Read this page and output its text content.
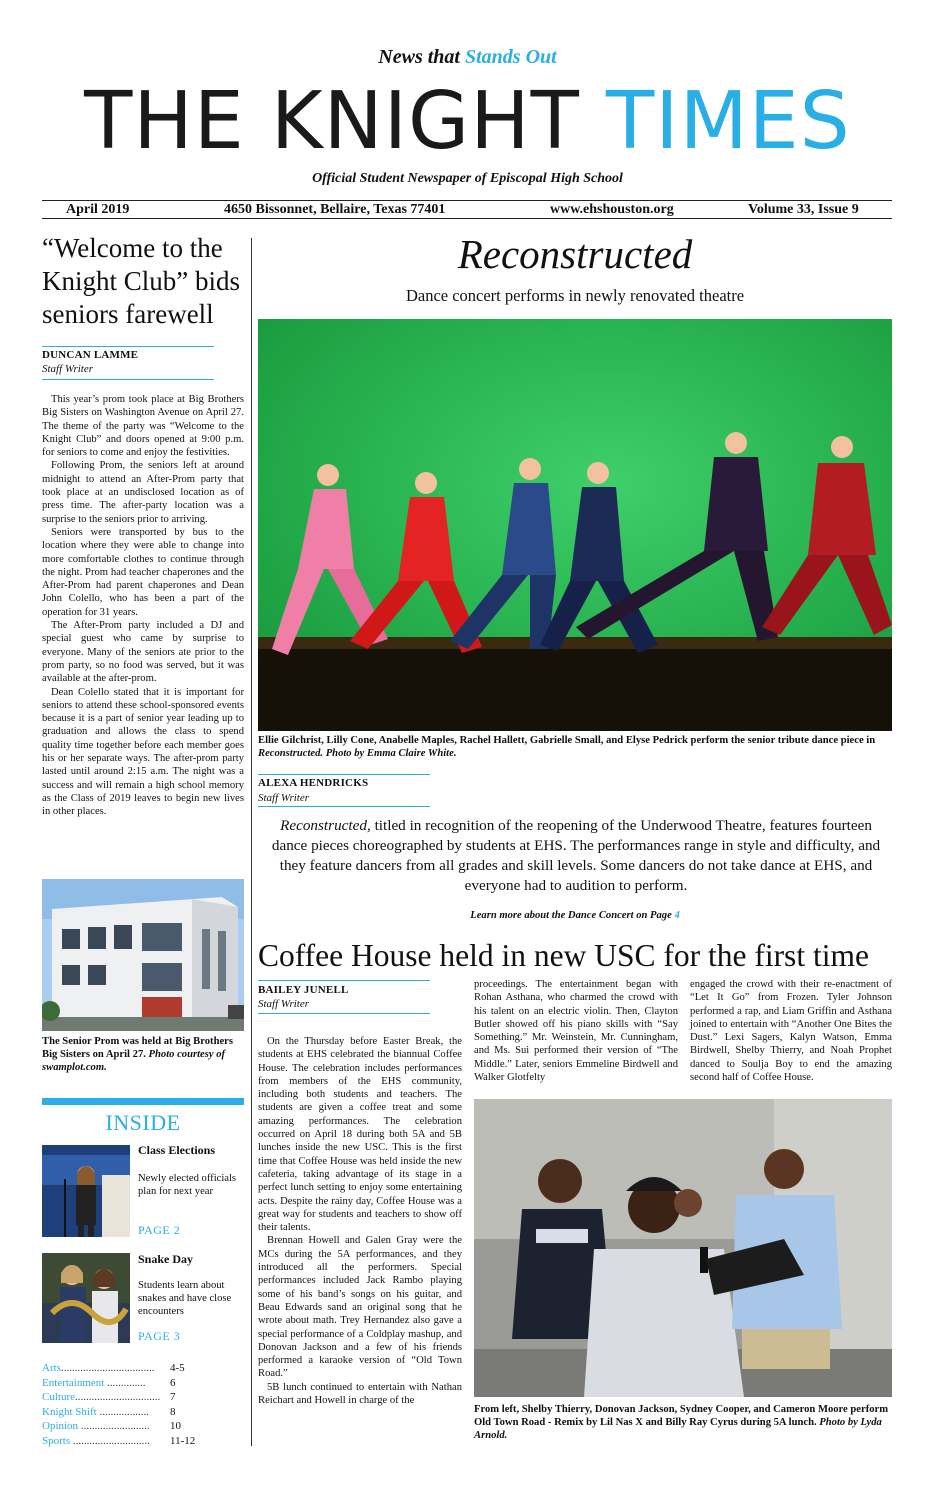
News that Stands Out
THE KNIGHT TIMES
Official Student Newspaper of Episcopal High School
April 2019	4650 Bissonnet, Bellaire, Texas 77401	www.ehshouston.org	Volume 33, Issue 9
“Welcome to the Knight Club” bids seniors farewell
DUNCAN LAMME
Staff Writer

This year’s prom took place at Big Brothers Big Sisters on Washington Avenue on April 27. The theme of the party was “Welcome to the Knight Club” and doors opened at 9:00 p.m. for seniors to come and enjoy the festivities.

Following Prom, the seniors left at around midnight to attend an After-Prom party that took place at an undisclosed location as of press time. The after-party location was a surprise to the seniors prior to arriving.

Seniors were transported by bus to the location where they were able to change into more comfortable clothes to continue through the night. Prom had teacher chaperones and the After-Prom had parent chaperones and Dean John Colello, who has been a part of the operation for 31 years.

The After-Prom party included a DJ and special guest who came by surprise to everyone. Many of the seniors ate prior to the prom party, so no food was served, but it was available at the after-prom.

Dean Colello stated that it is important for seniors to attend these school-sponsored events because it is a part of senior year leading up to graduation and allows the class to spend quality time together before each member goes his or her separate ways. The after-prom party lasted until around 2:15 a.m. The night was a success and will remain a high school memory as the Class of 2019 leaves to begin new lives in other places.

The Senior Prom was held at Big Brothers Big Sisters on April 27. Photo courtesy of swamplot.com.
INSIDE
Class Elections
Newly elected officials plan for next year
PAGE 2
Snake Day
Students learn about snakes and have close encounters
PAGE 3
Arts.................................. 4-5
Entertainment .............. 6
Culture............................... 7
Knight Shift .................. 8
Opinion ......................... 10
Sports ............................ 11-12
Reconstructed
Dance concert performs in newly renovated theatre
Ellie Gilchrist, Lilly Cone, Anabelle Maples, Rachel Hallett, Gabrielle Small, and Elyse Pedrick perform the senior tribute dance piece in Reconstructed. Photo by Emma Claire White.
ALEXA HENDRICKS
Staff Writer
Reconstructed, titled in recognition of the reopening of the Underwood Theatre, features fourteen dance pieces choreographed by students at EHS. The performances range in style and difficulty, and they feature dancers from all grades and skill levels. Some dancers do not take dance at EHS, and everyone had to audition to perform.
Learn more about the Dance Concert on Page 4
Coffee House held in new USC for the first time
BAILEY JUNELL
Staff Writer

On the Thursday before Easter Break, the students at EHS celebrated the biannual Coffee House. The celebration includes performances from members of the EHS community, including both students and teachers. The students are given a coffee treat and some amazing performances. The celebration occurred on April 18 during both 5A and 5B lunches inside the new USC. This is the first time that Coffee House was held inside the new cafeteria, taking advantage of its stage in a perfect lunch setting to enjoy some entertaining acts. Despite the rainy day, Coffee House was a great way for students and teachers to show off their talents.

Brennan Howell and Galen Gray were the MCs during the 5A performances, and they introduced all the performers. Special performances included Jack Rambo playing some of his band’s songs on his guitar, and Beau Edwards sand an original song that he wrote about math. Trey Hernandez also gave a special performance of a Coldplay mashup, and Donovan Jackson and a few of his friends performed a karaoke version of “Old Town Road.”

5B lunch continued to entertain with Nathan Reichart and Howell in charge of the

proceedings. The entertainment began with Rohan Asthana, who charmed the crowd with his talent on an electric violin. Then, Clayton Butler showed off his piano skills with “Say Something.” Mr. Weinstein, Mr. Cunningham, and Ms. Sui performed their version of “The Middle.” Later, seniors Emmeline Birdwell and Walker Glotfelty

engaged the crowd with their re-enactment of “Let It Go” from Frozen. Tyler Johnson performed a rap, and Liam Griffin and Asthana joined to entertain with “Another One Bites the Dust.” Lexi Sagers, Kalyn Watson, Emma Birdwell, Shelby Thierry, and Noah Prophet danced to Soulja Boy to end the amazing second half of Coffee House.

From left, Shelby Thierry, Donovan Jackson, Sydney Cooper, and Cameron Moore perform Old Town Road - Remix by Lil Nas X and Billy Ray Cyrus during 5A lunch. Photo by Lyda Arnold.
